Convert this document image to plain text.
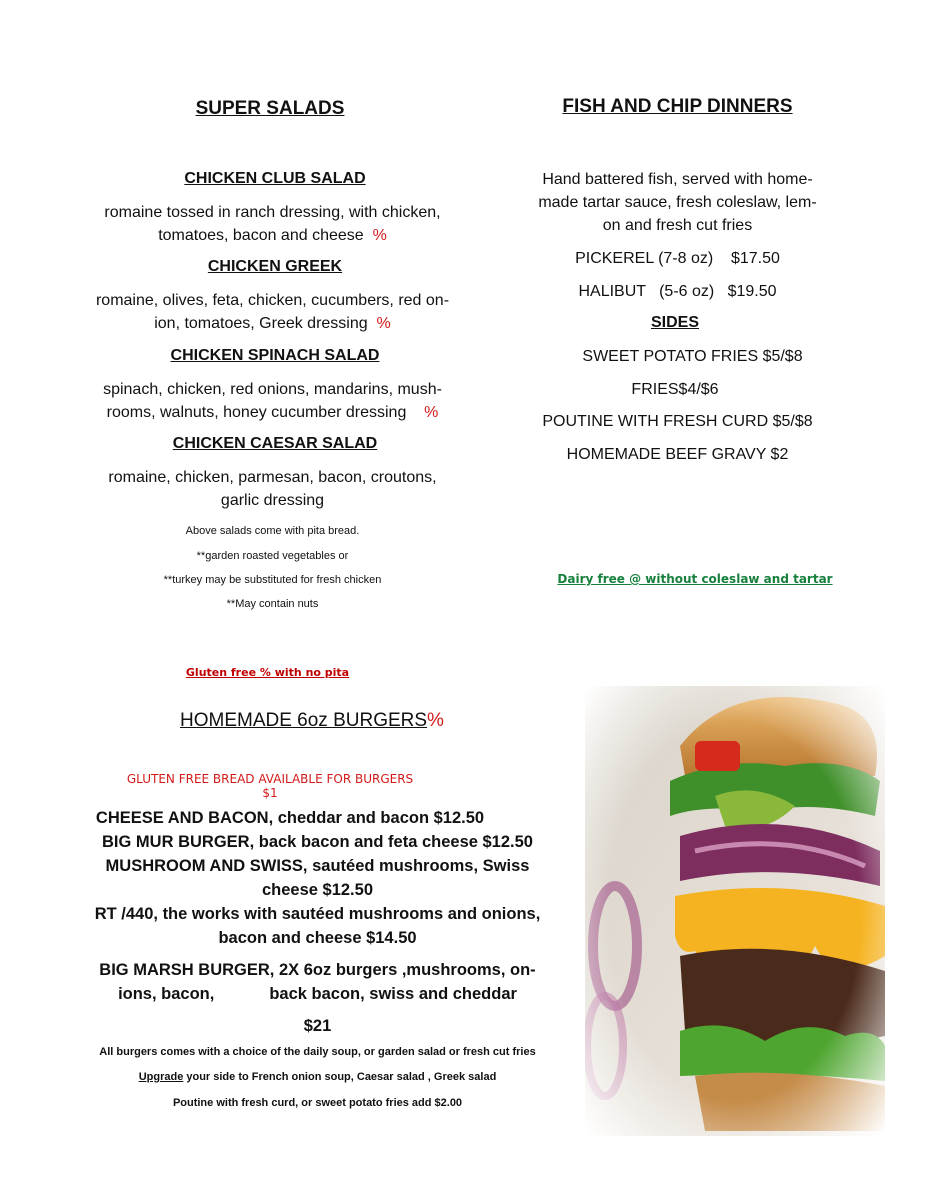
SUPER SALADS
CHICKEN CLUB SALAD
romaine tossed in ranch dressing, with chicken,
tomatoes, bacon and cheese %
CHICKEN GREEK
romaine, olives, feta, chicken, cucumbers, red on-
ion, tomatoes, Greek dressing %
CHICKEN SPINACH SALAD
spinach, chicken, red onions, mandarins, mush-
rooms, walnuts, honey cucumber dressing %
CHICKEN CAESAR SALAD
romaine, chicken, parmesan, bacon, croutons,
garlic dressing
Above salads come with pita bread.
**garden roasted vegetables or
**turkey may be substituted for fresh chicken
**May contain nuts
Gluten free % with no pita
FISH AND CHIP DINNERS
Hand battered fish, served with home-
made tartar sauce, fresh coleslaw, lem-
on and fresh cut fries
PICKEREL (7-8 oz)    $17.50
HALIBUT   (5-6 oz)   $19.50
SIDES
SWEET POTATO FRIES $5/$8
FRIES$4/$6
POUTINE WITH FRESH CURD $5/$8
HOMEMADE BEEF GRAVY $2
Dairy free @ without coleslaw and tartar
HOMEMADE 6oz BURGERS%
GLUTEN FREE BREAD AVAILABLE FOR BURGERS $1
CHEESE AND BACON, cheddar and bacon $12.50
BIG MUR BURGER, back bacon and feta cheese $12.50
MUSHROOM AND SWISS, sautéed mushrooms, Swiss
cheese $12.50
RT /440, the works with sautéed mushrooms and onions,
bacon and cheese $14.50
BIG MARSH BURGER, 2X 6oz burgers ,mushrooms, on-
ions, bacon,            back bacon, swiss and cheddar
$21
All burgers comes with a choice of the daily soup, or garden salad or fresh cut fries
Upgrade your side to French onion soup, Caesar salad , Greek salad
Poutine with fresh curd, or sweet potato fries add $2.00
